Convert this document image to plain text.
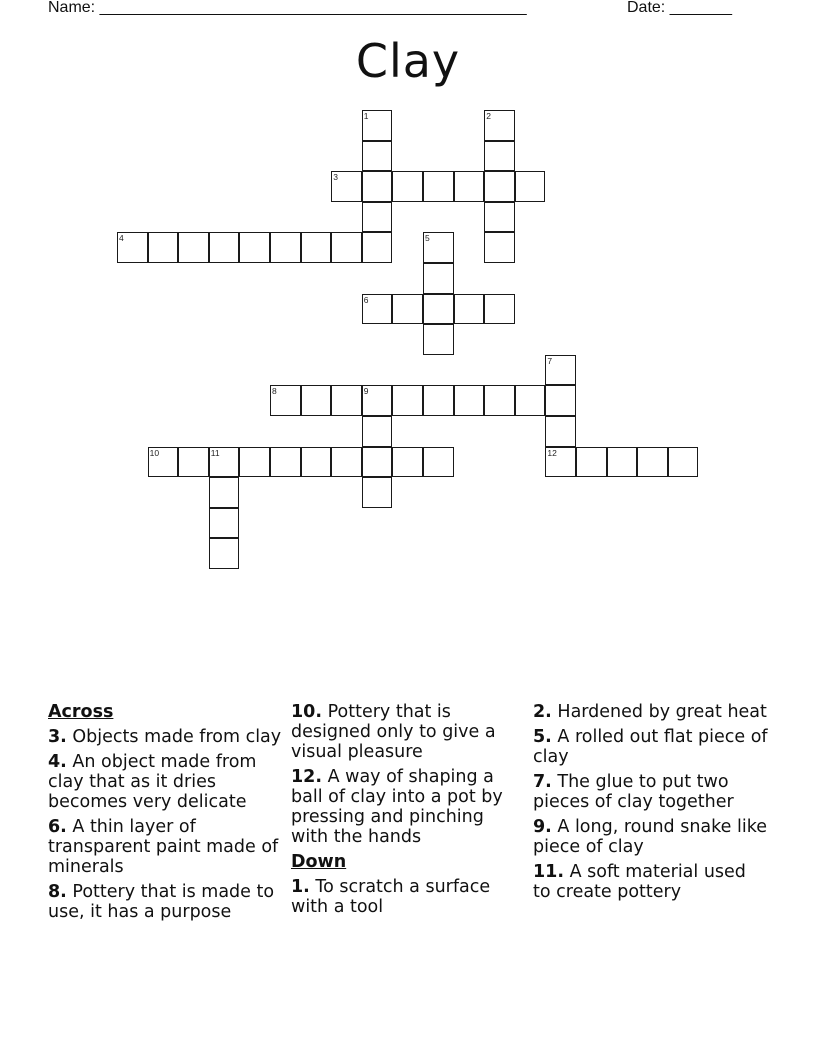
Name: ________________________________________________	Date: _______
Clay
1	2
3
4	5
6
7
12
8	9
10	11
Across
3. Objects made from clay
4. An object made from clay that as it dries becomes very delicate
6. A thin layer of transparent paint made of minerals
8. Pottery that is made to use, it has a purpose
10. Pottery that is designed only to give a visual pleasure
12. A way of shaping a ball of clay into a pot by pressing and pinching with the hands
Down
1. To scratch a surface with a tool
2. Hardened by great heat
5. A rolled out flat piece of clay
7. The glue to put two pieces of clay together
9. A long, round snake like piece of clay
11. A soft material used to create pottery
